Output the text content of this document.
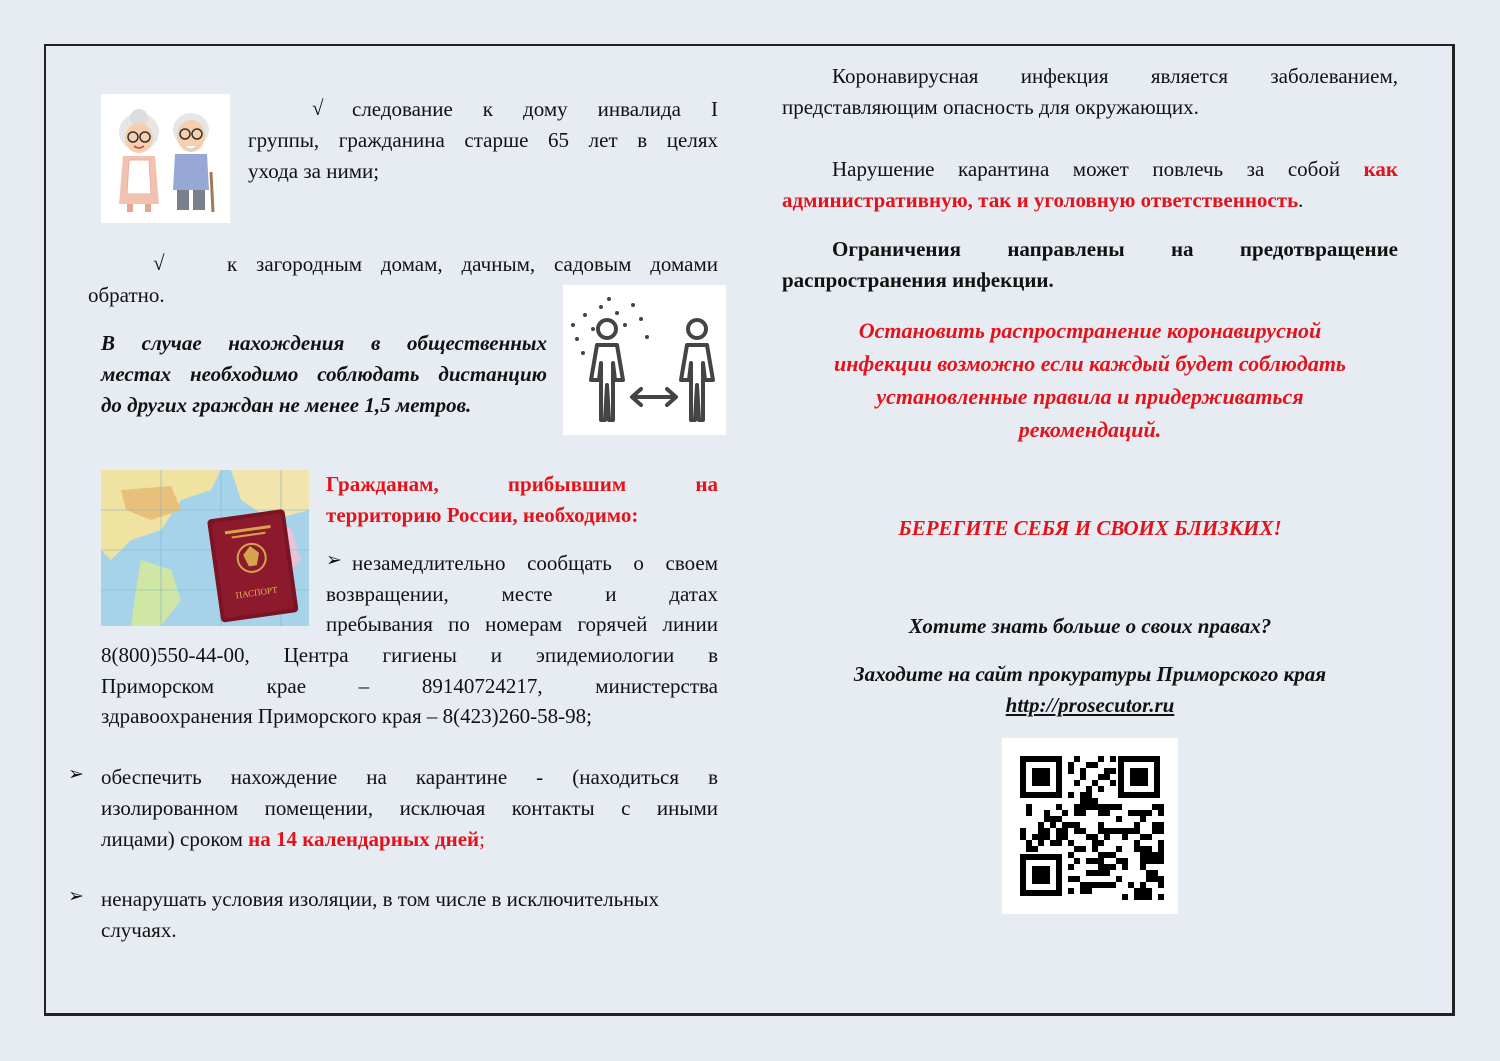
√ следование к дому инвалида I
группы, гражданина старше 65 лет в целях
ухода за ними;
√	к загородным домам, дачным, садовым домами
обратно.
В случае нахождения в общественных
местах необходимо соблюдать дистанцию
до других граждан не менее 1,5 метров.
ПАСПОРТ
Гражданам, прибывшим на
территорию России, необходимо:
➢ незамедлительно сообщать о своем
возвращении, месте и датах
пребывания по номерам горячей линии
8(800)550-44-00, Центра гигиены и эпидемиологии в
Приморском крае – 89140724217, министерства
здравоохранения Приморского края – 8(423)260-58-98;
➢ обеспечить нахождение на карантине - (находиться в
изолированном помещении, исключая контакты с иными
лицами) сроком на 14 календарных дней;
➢ ненарушать условия изоляции, в том числе в исключительных
случаях.
Коронавирусная инфекция является заболеванием,
представляющим опасность для окружающих.
Нарушение карантина может повлечь за собой как
административную, так и уголовную ответственность.
Ограничения направлены на предотвращение
распространения инфекции.
Остановить распространение коронавирусной
инфекции возможно если каждый будет соблюдать
установленные правила и придерживаться
рекомендаций.
БЕРЕГИТЕ СЕБЯ И СВОИХ БЛИЗКИХ!
Хотите знать больше о своих правах?
Заходите на сайт прокуратуры Приморского края
http://prosecutor.ru
